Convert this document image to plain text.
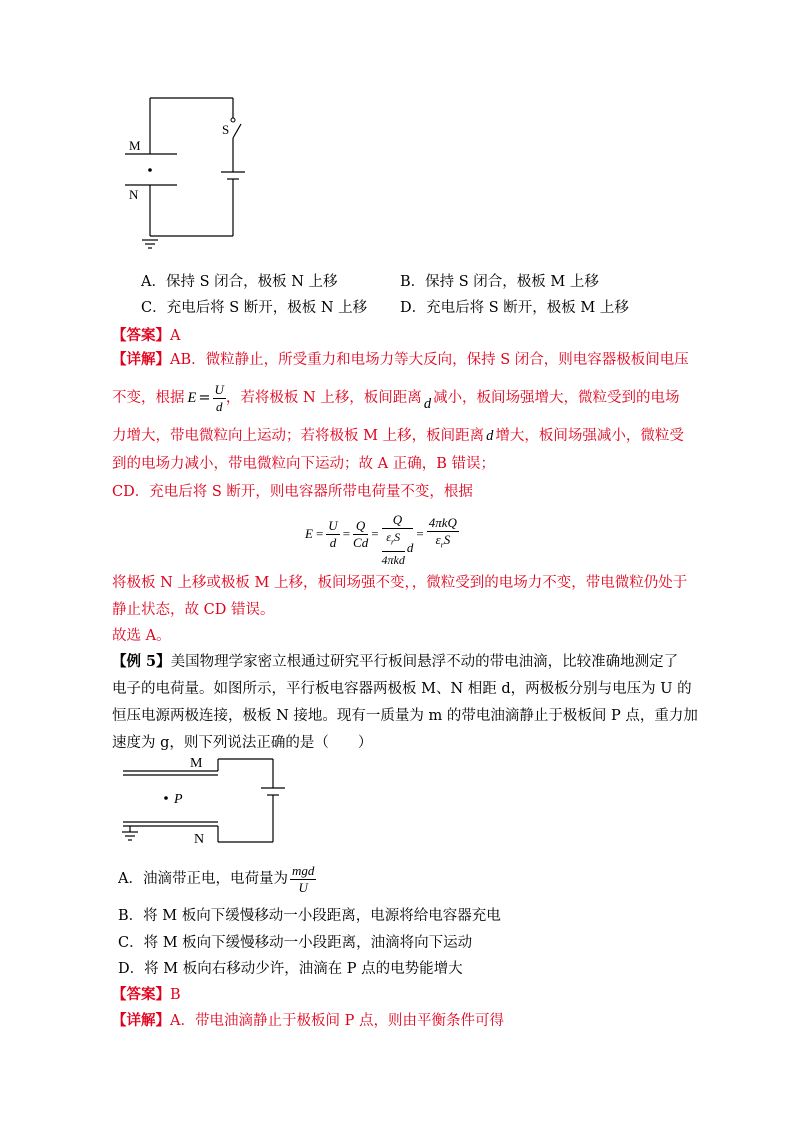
S
M
N
A．保持 S 闭合，极板 N 上移	B．保持 S 闭合，极板 M 上移
C．充电后将 S 断开，极板 N 上移 D．充电后将 S 断开，极板 M 上移
【答案】A
【详解】AB．微粒静止，所受重力和电场力等大反向，保持 S 闭合，则电容器极板间电压
不变，根据 $E = \frac{U}{d}$ ，若将极板 N 上移，板间距离 d 减小，板间场强增大，微粒受到的电场
力增大，带电微粒向上运动；若将极板 M 上移，板间距离 d 增大，板间场强减小，微粒受
到的电场力减小，带电微粒向下运动；故 A 正确，B 错误；
CD．充电后将 S 断开，则电容器所带电荷量不变，根据
$E = \frac{U}{d} = \frac{Q}{Cd} = \frac{Q}{\frac{\varepsilon_rS}{\text{4πkd}} d} = \frac{\text{4πkQ}}{\varepsilon_rS}$
将极板 N 上移或极板 M 上移，板间场强不变，，微粒受到的电场力不变，带电微粒仍处于
静止状态，故 CD 错误。
故选 A。
【例 5】美国物理学家密立根通过研究平行板间悬浮不动的带电油滴，比较准确地测定了
电子的电荷量。如图所示，平行板电容器两极板 M、N 相距 d，两极板分别与电压为 U 的
恒压电源两极连接，极板 N 接地。现有一质量为 m 的带电油滴静止于极板间 P 点，重力加
速度为 g，则下列说法正确的是（　　）
M
P
N
A．油滴带正电，电荷量为 $\frac{\text{mgd}}{U}$
B．将 M 板向下缓慢移动一小段距离，电源将给电容器充电
C．将 M 板向下缓慢移动一小段距离，油滴将向下运动
D．将 M 板向右移动少许，油滴在 P 点的电势能增大
【答案】B
【详解】A．带电油滴静止于极板间 P 点，则由平衡条件可得
